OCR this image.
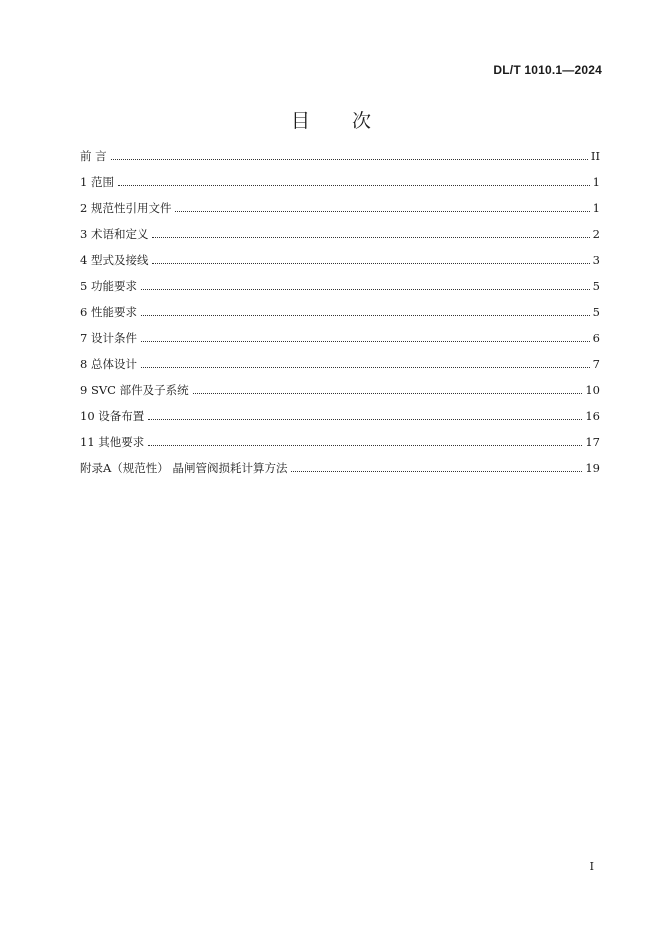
DL/T 1010.1—2024
目 次
前 言	II
1 范围	1
2 规范性引用文件	1
3 术语和定义	2
4 型式及接线	3
5 功能要求	5
6 性能要求	5
7 设计条件	6
8 总体设计	7
9 SVC 部件及子系统	10
10 设备布置	16
11 其他要求	17
附录A（规范性） 晶闸管阀损耗计算方法	19
I
